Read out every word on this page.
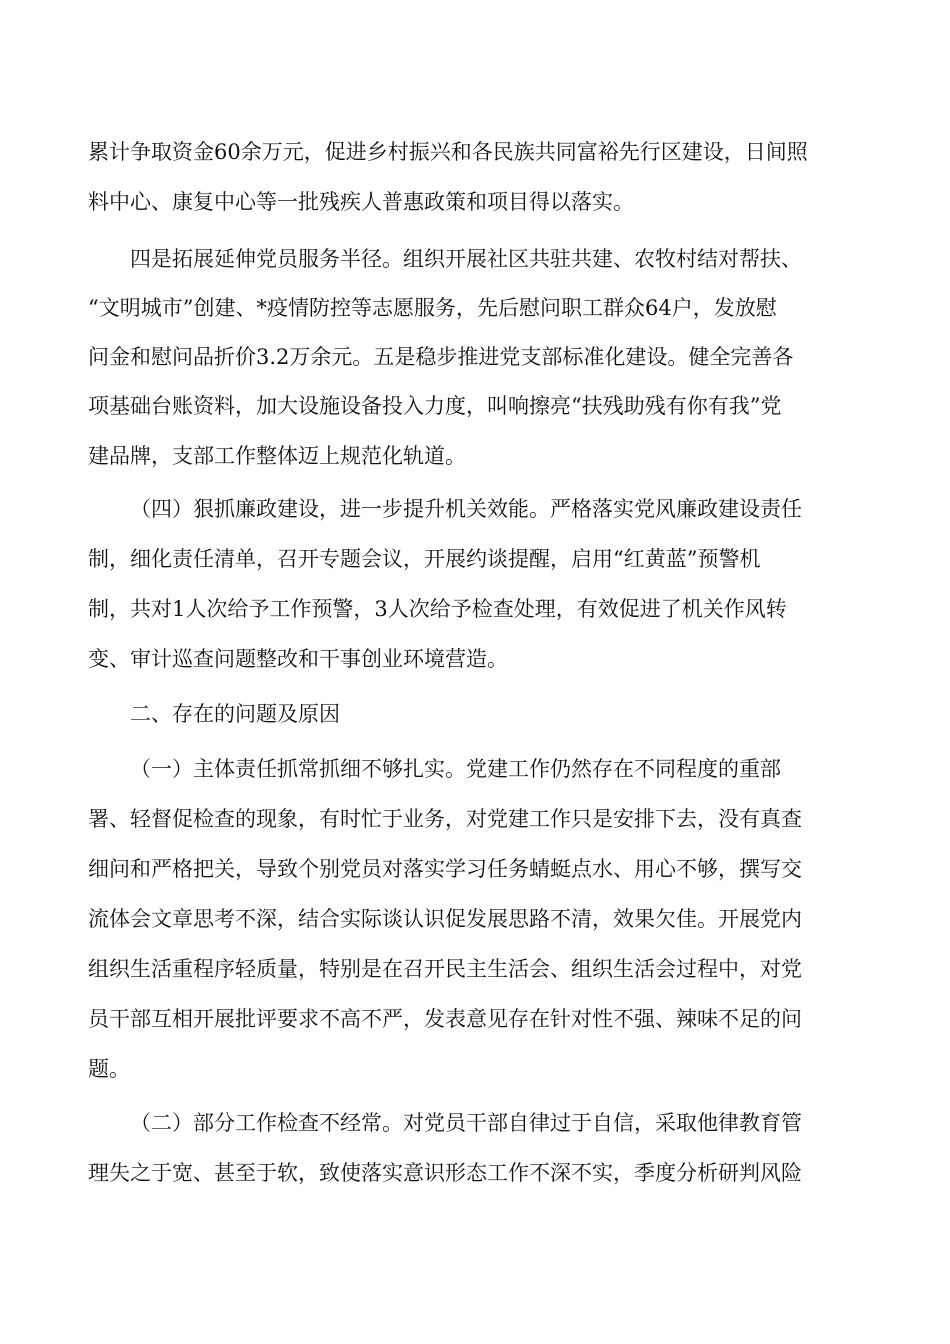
累计争取资金60余万元，促进乡村振兴和各民族共同富裕先行区建设，日间照
料中心、康复中心等一批残疾人普惠政策和项目得以落实。
四是拓展延伸党员服务半径。组织开展社区共驻共建、农牧村结对帮扶、
“文明城市”创建、*疫情防控等志愿服务，先后慰问职工群众64户，发放慰
问金和慰问品折价3.2万余元。五是稳步推进党支部标准化建设。健全完善各
项基础台账资料，加大设施设备投入力度，叫响擦亮“扶残助残有你有我”党
建品牌，支部工作整体迈上规范化轨道。
（四）狠抓廉政建设，进一步提升机关效能。严格落实党风廉政建设责任
制，细化责任清单，召开专题会议，开展约谈提醒，启用“红黄蓝”预警机
制，共对1人次给予工作预警，3人次给予检查处理，有效促进了机关作风转
变、审计巡查问题整改和干事创业环境营造。
二、存在的问题及原因
（一）主体责任抓常抓细不够扎实。党建工作仍然存在不同程度的重部
署、轻督促检查的现象，有时忙于业务，对党建工作只是安排下去，没有真查
细问和严格把关，导致个别党员对落实学习任务蜻蜓点水、用心不够，撰写交
流体会文章思考不深，结合实际谈认识促发展思路不清，效果欠佳。开展党内
组织生活重程序轻质量，特别是在召开民主生活会、组织生活会过程中，对党
员干部互相开展批评要求不高不严，发表意见存在针对性不强、辣味不足的问
题。
（二）部分工作检查不经常。对党员干部自律过于自信，采取他律教育管
理失之于宽、甚至于软，致使落实意识形态工作不深不实，季度分析研判风险
